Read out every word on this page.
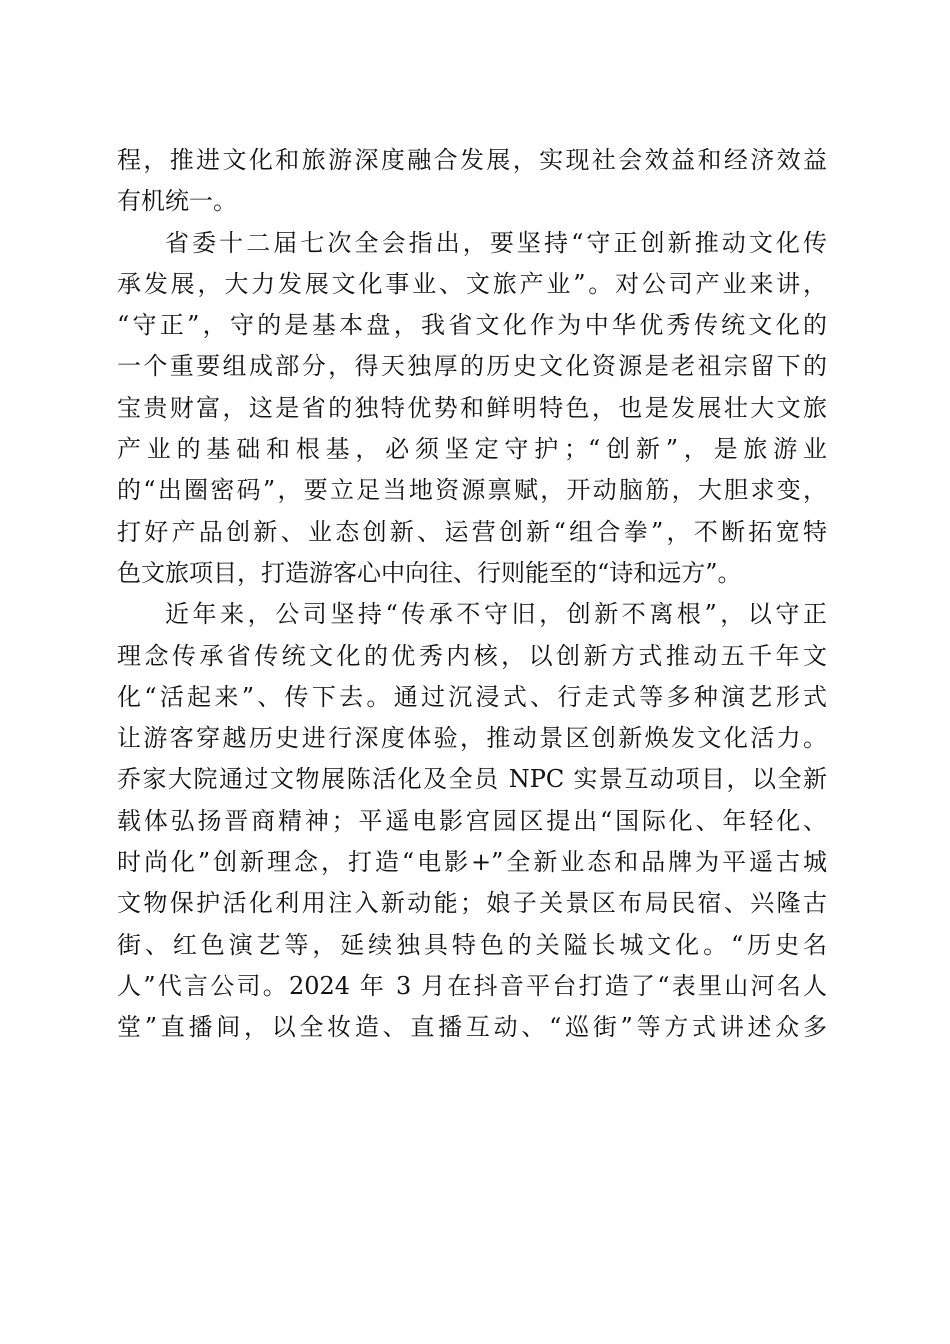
程，推进文化和旅游深度融合发展，实现社会效益和经济效益
有机统一。
省委十二届七次全会指出，要坚持“守正创新推动文化传
承发展，大力发展文化事业、文旅产业”。对公司产业来讲，
“守正”，守的是基本盘，我省文化作为中华优秀传统文化的
一个重要组成部分，得天独厚的历史文化资源是老祖宗留下的
宝贵财富，这是省的独特优势和鲜明特色，也是发展壮大文旅
产业的基础和根基，必须坚定守护；“创新”，是旅游业
的“出圈密码”，要立足当地资源禀赋，开动脑筋，大胆求变，
打好产品创新、业态创新、运营创新“组合拳”，不断拓宽特
色文旅项目，打造游客心中向往、行则能至的“诗和远方”。
近年来，公司坚持“传承不守旧，创新不离根”，以守正
理念传承省传统文化的优秀内核，以创新方式推动五千年文
化“活起来”、传下去。通过沉浸式、行走式等多种演艺形式
让游客穿越历史进行深度体验，推动景区创新焕发文化活力。
乔家大院通过文物展陈活化及全员 NPC 实景互动项目，以全新
载体弘扬晋商精神；平遥电影宫园区提出“国际化、年轻化、
时尚化”创新理念，打造“电影+”全新业态和品牌为平遥古城
文物保护活化利用注入新动能；娘子关景区布局民宿、兴隆古
街、红色演艺等，延续独具特色的关隘长城文化。“历史名
人”代言公司。2024 年 3 月在抖音平台打造了“表里山河名人
堂”直播间，以全妆造、直播互动、“巡街”等方式讲述众多
